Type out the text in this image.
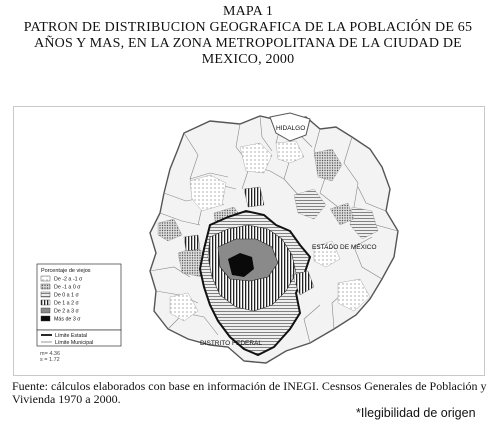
MAPA 1
PATRON DE DISTRIBUCION GEOGRAFICA DE LA POBLACIÓN DE 65
AÑOS Y MAS, EN LA ZONA METROPOLITANA DE LA CIUDAD DE
MEXICO, 2000
HIDALGO
ESTADO DE MÉXICO
DISTRITO FEDERAL
Porcentaje de viejos
De -2 a -1 σ
De -1 a 0 σ
De 0 a 1 σ
De 1 a 2 σ
De 2 a 3 σ
Más de 3 σ
Límite Estatal
Límite Municipal
m= 4.36
s = 1.72
Fuente: cálculos elaborados con base en información de INEGI. Cesnsos Generales de Población y Vivienda 1970 a 2000.
*Ilegibilidad de origen
